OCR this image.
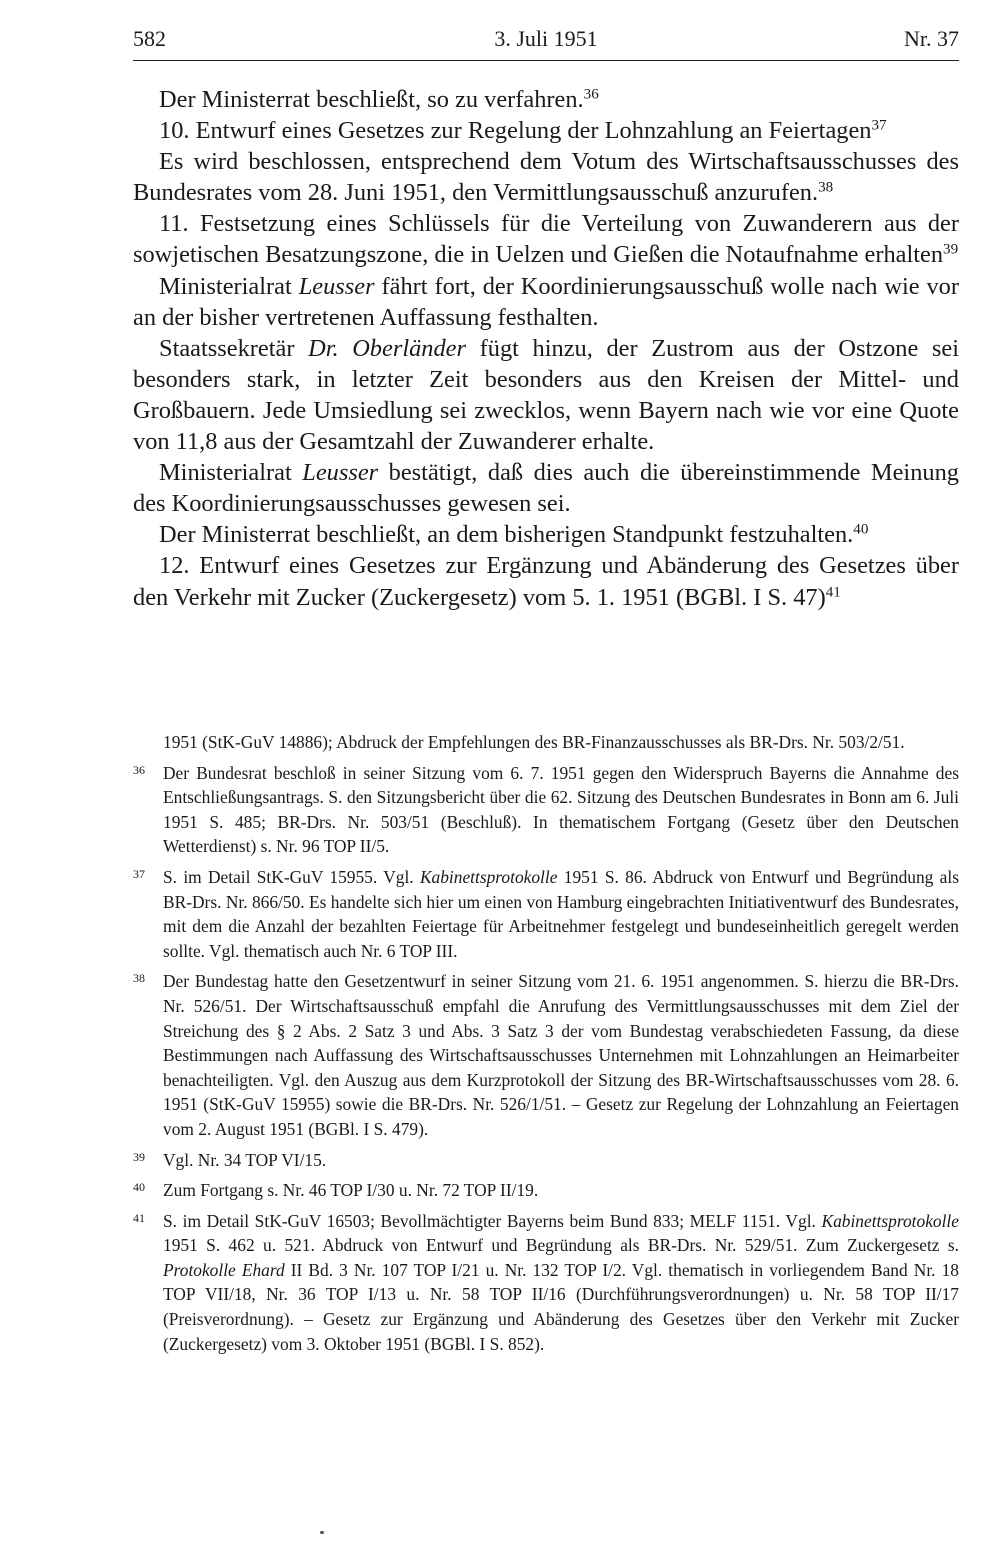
582	3. Juli 1951	Nr. 37

Der Ministerrat beschließt, so zu verfahren.$^{36}$

10. Entwurf eines Gesetzes zur Regelung der Lohnzahlung an Feiertagen$^{37}$

Es wird beschlossen, entsprechend dem Votum des Wirtschaftsausschusses des Bundesrates vom 28. Juni 1951, den Vermittlungsausschuß anzurufen.$^{38}$

11. Festsetzung eines Schlüssels für die Verteilung von Zuwanderern aus der sowjetischen Besatzungszone, die in Uelzen und Gießen die Notaufnahme erhalten$^{39}$

Ministerialrat Leusser fährt fort, der Koordinierungsausschuß wolle nach wie vor an der bisher vertretenen Auffassung festhalten.

Staatssekretär Dr. Oberländer fügt hinzu, der Zustrom aus der Ostzone sei besonders stark, in letzter Zeit besonders aus den Kreisen der Mittel- und Großbauern. Jede Umsiedlung sei zwecklos, wenn Bayern nach wie vor eine Quote von 11,8 aus der Gesamtzahl der Zuwanderer erhalte.

Ministerialrat Leusser bestätigt, daß dies auch die übereinstimmende Meinung des Koordinierungsausschusses gewesen sei.

Der Ministerrat beschließt, an dem bisherigen Standpunkt festzuhalten.$^{40}$

12. Entwurf eines Gesetzes zur Ergänzung und Abänderung des Gesetzes über den Verkehr mit Zucker (Zuckergesetz) vom 5. 1. 1951 (BGBl. I S. 47)$^{41}$

1951 (StK-GuV 14886); Abdruck der Empfehlungen des BR-Finanzausschusses als BR-Drs. Nr. 503/2/51.
36 Der Bundesrat beschloß in seiner Sitzung vom 6. 7. 1951 gegen den Widerspruch Bayerns die Annahme des Entschließungsantrags. S. den Sitzungsbericht über die 62. Sitzung des Deutschen Bundesrates in Bonn am 6. Juli 1951 S. 485; BR-Drs. Nr. 503/51 (Beschluß). In thematischem Fortgang (Gesetz über den Deutschen Wetterdienst) s. Nr. 96 TOP II/5.
37 S. im Detail StK-GuV 15955. Vgl. Kabinettsprotokolle 1951 S. 86. Abdruck von Entwurf und Begründung als BR-Drs. Nr. 866/50. Es handelte sich hier um einen von Hamburg eingebrachten Initiativentwurf des Bundesrates, mit dem die Anzahl der bezahlten Feiertage für Arbeitnehmer festgelegt und bundeseinheitlich geregelt werden sollte. Vgl. thematisch auch Nr. 6 TOP III.
38 Der Bundestag hatte den Gesetzentwurf in seiner Sitzung vom 21. 6. 1951 angenommen. S. hierzu die BR-Drs. Nr. 526/51. Der Wirtschaftsausschuß empfahl die Anrufung des Vermittlungsausschusses mit dem Ziel der Streichung des § 2 Abs. 2 Satz 3 und Abs. 3 Satz 3 der vom Bundestag verabschiedeten Fassung, da diese Bestimmungen nach Auffassung des Wirtschaftsausschusses Unternehmen mit Lohnzahlungen an Heimarbeiter benachteiligten. Vgl. den Auszug aus dem Kurzprotokoll der Sitzung des BR-Wirtschaftsausschusses vom 28. 6. 1951 (StK-GuV 15955) sowie die BR-Drs. Nr. 526/1/51. – Gesetz zur Regelung der Lohnzahlung an Feiertagen vom 2. August 1951 (BGBl. I S. 479).
39 Vgl. Nr. 34 TOP VI/15.
40 Zum Fortgang s. Nr. 46 TOP I/30 u. Nr. 72 TOP II/19.
41 S. im Detail StK-GuV 16503; Bevollmächtigter Bayerns beim Bund 833; MELF 1151. Vgl. Kabinettsprotokolle 1951 S. 462 u. 521. Abdruck von Entwurf und Begründung als BR-Drs. Nr. 529/51. Zum Zuckergesetz s. Protokolle Ehard II Bd. 3 Nr. 107 TOP I/21 u. Nr. 132 TOP I/2. Vgl. thematisch in vorliegendem Band Nr. 18 TOP VII/18, Nr. 36 TOP I/13 u. Nr. 58 TOP II/16 (Durchführungsverordnungen) u. Nr. 58 TOP II/17 (Preisverordnung). – Gesetz zur Ergänzung und Abänderung des Gesetzes über den Verkehr mit Zucker (Zuckergesetz) vom 3. Oktober 1951 (BGBl. I S. 852).
